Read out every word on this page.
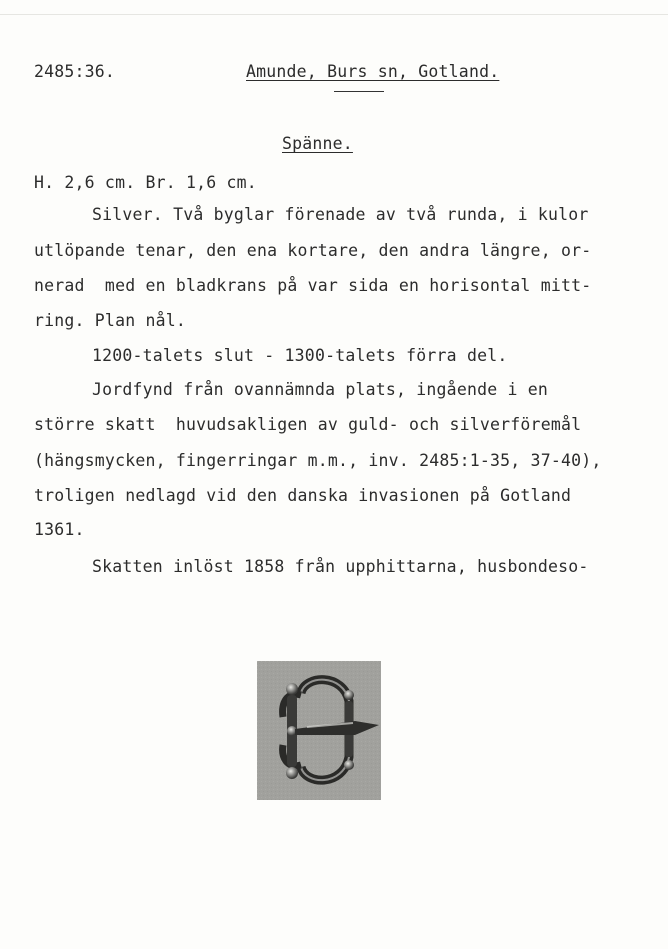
2485:36.	Amunde, Burs sn, Gotland.
Spänne.
H. 2,6 cm. Br. 1,6 cm.
Silver. Två byglar förenade av två runda, i kulor
utlöpande tenar, den ena kortare, den andra längre, or-
nerad  med en bladkrans på var sida en horisontal mitt-
ring. Plan nål.
1200-talets slut - 1300-talets förra del.
Jordfynd från ovannämnda plats, ingående i en
större skatt  huvudsakligen av guld- och silverföremål
(hängsmycken, fingerringar m.m., inv. 2485:1-35, 37-40),
troligen nedlagd vid den danska invasionen på Gotland
1361.
Skatten inlöst 1858 från upphittarna, husbondeso-
